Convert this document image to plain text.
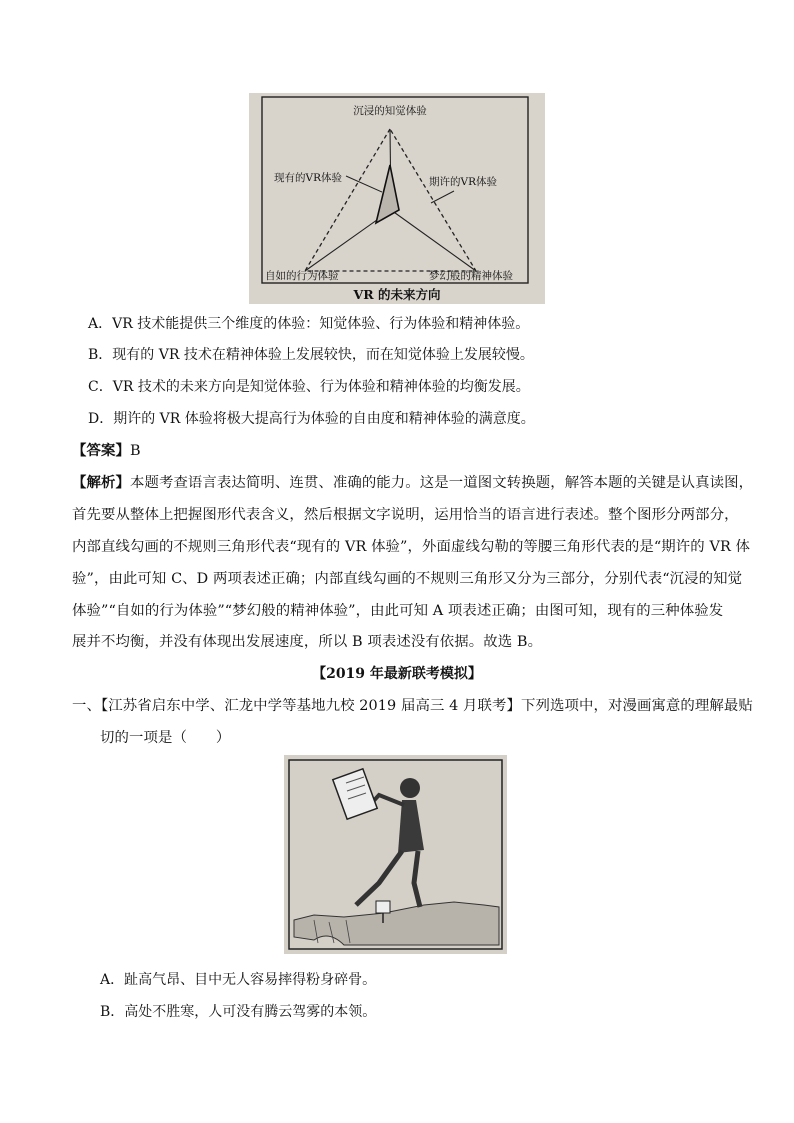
沉浸的知觉体验
现有的VR体验	期许的VR体验
自如的行为体验	梦幻般的精神体验
VR 的未来方向
A．VR 技术能提供三个维度的体验：知觉体验、行为体验和精神体验。
B．现有的 VR 技术在精神体验上发展较快，而在知觉体验上发展较慢。
C．VR 技术的未来方向是知觉体验、行为体验和精神体验的均衡发展。
D．期许的 VR 体验将极大提高行为体验的自由度和精神体验的满意度。
【答案】B
【解析】本题考查语言表达简明、连贯、准确的能力。这是一道图文转换题，解答本题的关键是认真读图，
首先要从整体上把握图形代表含义，然后根据文字说明，运用恰当的语言进行表述。整个图形分两部分，
内部直线勾画的不规则三角形代表“现有的 VR 体验”，外面虚线勾勒的等腰三角形代表的是“期许的 VR 体
验”，由此可知 C、D 两项表述正确；内部直线勾画的不规则三角形又分为三部分，分别代表“沉浸的知觉
体验”“自如的行为体验”“梦幻般的精神体验”，由此可知 A 项表述正确；由图可知，现有的三种体验发
展并不均衡，并没有体现出发展速度，所以 B 项表述没有依据。故选 B。
【2019 年最新联考模拟】
一、【江苏省启东中学、汇龙中学等基地九校 2019 届高三 4 月联考】下列选项中，对漫画寓意的理解最贴
切的一项是（　　）
A．趾高气昂、目中无人容易摔得粉身碎骨。
B．高处不胜寒，人可没有腾云驾雾的本领。
